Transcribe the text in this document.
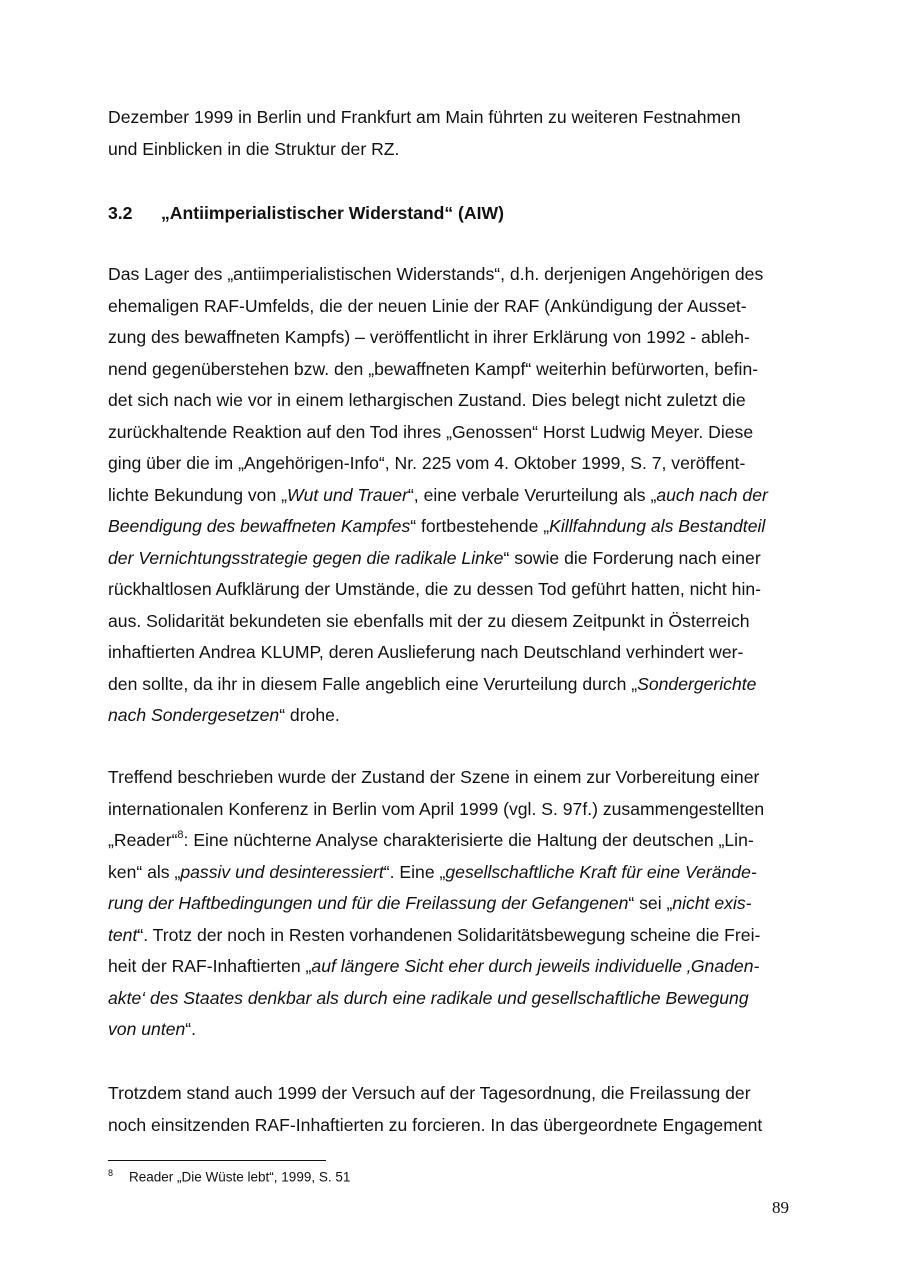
Dezember 1999 in Berlin und Frankfurt am Main führten zu weiteren Festnahmen
und Einblicken in die Struktur der RZ.
3.2 „Antiimperialistischer Widerstand“ (AIW)
Das Lager des „antiimperialistischen Widerstands“, d.h. derjenigen Angehörigen des
ehemaligen RAF-Umfelds, die der neuen Linie der RAF (Ankündigung der Ausset-
zung des bewaffneten Kampfs) – veröffentlicht in ihrer Erklärung von 1992 - ableh-
nend gegenüberstehen bzw. den „bewaffneten Kampf“ weiterhin befürworten, befin-
det sich nach wie vor in einem lethargischen Zustand. Dies belegt nicht zuletzt die
zurückhaltende Reaktion auf den Tod ihres „Genossen“ Horst Ludwig Meyer. Diese
ging über die im „Angehörigen-Info“, Nr. 225 vom 4. Oktober 1999, S. 7, veröffent-
lichte Bekundung von „Wut und Trauer“, eine verbale Verurteilung als „auch nach der
Beendigung des bewaffneten Kampfes“ fortbestehende „Killfahndung als Bestandteil
der Vernichtungsstrategie gegen die radikale Linke“ sowie die Forderung nach einer
rückhaltlosen Aufklärung der Umstände, die zu dessen Tod geführt hatten, nicht hin-
aus. Solidarität bekundeten sie ebenfalls mit der zu diesem Zeitpunkt in Österreich
inhaftierten Andrea KLUMP, deren Auslieferung nach Deutschland verhindert wer-
den sollte, da ihr in diesem Falle angeblich eine Verurteilung durch „Sondergerichte
nach Sondergesetzen“ drohe.
Treffend beschrieben wurde der Zustand der Szene in einem zur Vorbereitung einer
internationalen Konferenz in Berlin vom April 1999 (vgl. S. 97f.) zusammengestellten
„Reader“$^8$: Eine nüchterne Analyse charakterisierte die Haltung der deutschen „Lin-
ken“ als „passiv und desinteressiert“. Eine „gesellschaftliche Kraft für eine Verände-
rung der Haftbedingungen und für die Freilassung der Gefangenen“ sei „nicht exis-
tent“. Trotz der noch in Resten vorhandenen Solidaritätsbewegung scheine die Frei-
heit der RAF-Inhaftierten „auf längere Sicht eher durch jeweils individuelle ‚Gnaden-
akte‘ des Staates denkbar als durch eine radikale und gesellschaftliche Bewegung
von unten“.
Trotzdem stand auch 1999 der Versuch auf der Tagesordnung, die Freilassung der
noch einsitzenden RAF-Inhaftierten zu forcieren. In das übergeordnete Engagement
8 Reader „Die Wüste lebt“, 1999, S. 51
89
